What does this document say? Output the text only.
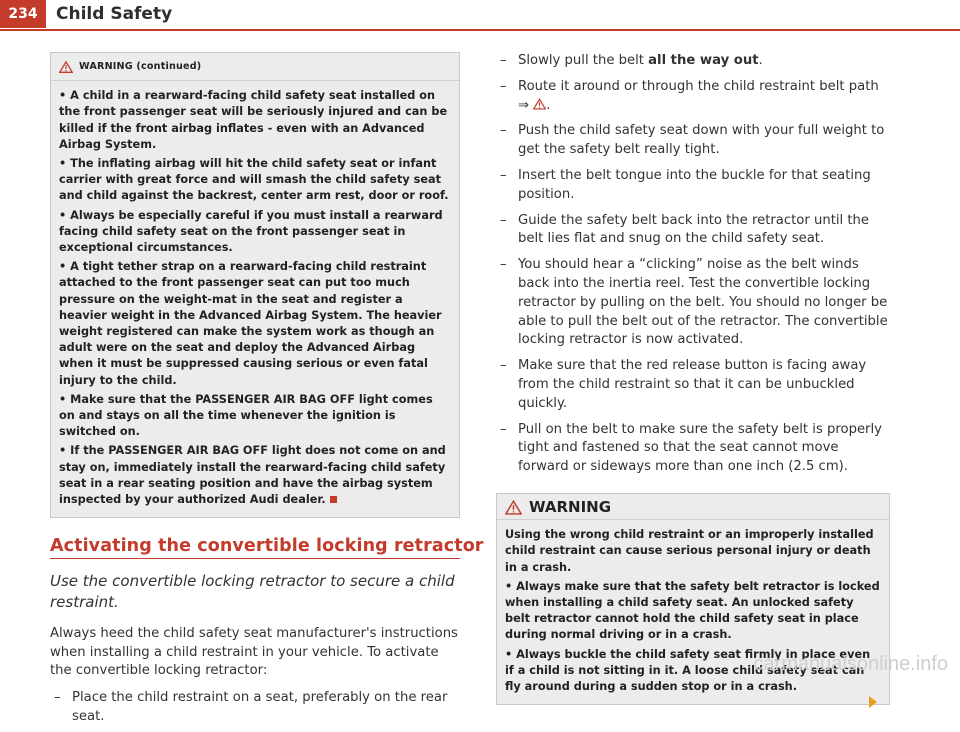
234	Child Safety
WARNING (continued)

• A child in a rearward-facing child safety seat installed on the front passenger seat will be seriously injured and can be killed if the front airbag inflates - even with an Advanced Airbag System.

• The inflating airbag will hit the child safety seat or infant carrier with great force and will smash the child safety seat and child against the backrest, center arm rest, door or roof.

• Always be especially careful if you must install a rearward facing child safety seat on the front passenger seat in exceptional circumstances.

• A tight tether strap on a rearward-facing child restraint attached to the front passenger seat can put too much pressure on the weight-mat in the seat and register a heavier weight in the Advanced Airbag System. The heavier weight registered can make the system work as though an adult were on the seat and deploy the Advanced Airbag when it must be suppressed causing serious or even fatal injury to the child.

• Make sure that the PASSENGER AIR BAG OFF light comes on and stays on all the time whenever the ignition is switched on.

• If the PASSENGER AIR BAG OFF light does not come on and stay on, immediately install the rearward-facing child safety seat in a rear seating position and have the airbag system inspected by your authorized Audi dealer.

Activating the convertible locking retractor
Use the convertible locking retractor to secure a child restraint.
Always heed the child safety seat manufacturer's instructions when installing a child restraint in your vehicle. To activate the convertible locking retractor:
– Place the child restraint on a seat, preferably on the rear seat.
– Slowly pull the belt all the way out.
– Route it around or through the child restraint belt path
⇒ .
– Push the child safety seat down with your full weight to get the safety belt really tight.
– Insert the belt tongue into the buckle for that seating position.
– Guide the safety belt back into the retractor until the belt lies flat and snug on the child safety seat.
– You should hear a “clicking” noise as the belt winds back into the inertia reel. Test the convertible locking retractor by pulling on the belt. You should no longer be able to pull the belt out of the retractor. The convertible locking retractor is now activated.
– Make sure that the red release button is facing away from the child restraint so that it can be unbuckled quickly.
– Pull on the belt to make sure the safety belt is properly tight and fastened so that the seat cannot move forward or sideways more than one inch (2.5 cm).
WARNING

Using the wrong child restraint or an improperly installed child restraint can cause serious personal injury or death in a crash.

• Always make sure that the safety belt retractor is locked when installing a child safety seat. An unlocked safety belt retractor cannot hold the child safety seat in place during normal driving or in a crash.

• Always buckle the child safety seat firmly in place even if a child is not sitting in it. A loose child safety seat can fly around during a sudden stop or in a crash.

carmanualsonline.info
